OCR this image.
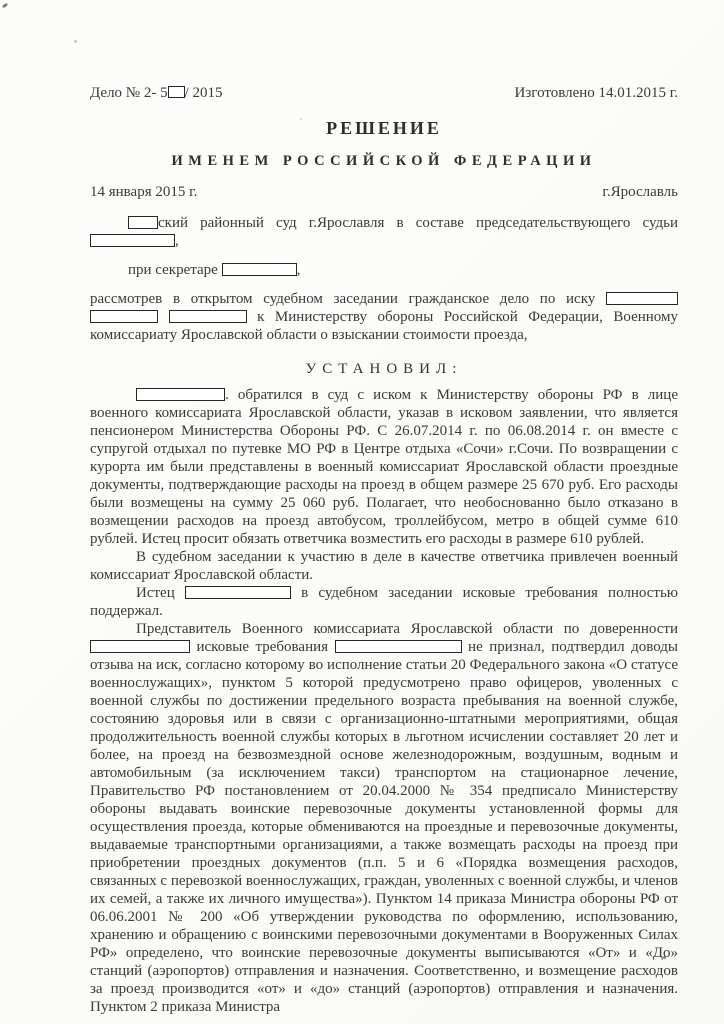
Дело № 2- 5 / 2015	Изготовлено 14.01.2015 г.
РЕШЕНИЕ
ИМЕНЕМ РОССИЙСКОЙ ФЕДЕРАЦИИ
14 января 2015 г.	г.Ярославль

ский районный суд г.Ярославля в составе председательствующего судьи ,

при секретаре	,

рассмотрев в открытом судебном заседании гражданское дело по иску    к Министерству обороны Российской Федерации, Военному комиссариату Ярославской области о взыскании стоимости проезда,

УСТАНОВИЛ:

. обратился в суд с иском к Министерству обороны РФ в лице военного комиссариата Ярославской области, указав в исковом заявлении, что является пенсионером Министерства Обороны РФ. С 26.07.2014 г. по 06.08.2014 г. он вместе с супругой отдыхал по путевке МО РФ в Центре отдыха «Сочи» г.Сочи. По возвращении с курорта им были представлены в военный комиссариат Ярославской области проездные документы, подтверждающие расходы на проезд в общем размере 25 670 руб. Его расходы были возмещены на сумму 25 060 руб. Полагает, что необоснованно было отказано в возмещении расходов на проезд автобусом, троллейбусом, метро в общей сумме 610 рублей. Истец просит обязать ответчика возместить его расходы в размере 610 рублей.

В судебном заседании к участию в деле в качестве ответчика привлечен военный комиссариат Ярославской области.

Истец	в судебном заседании исковые требования полностью поддержал.

Представитель Военного комиссариата Ярославской области по доверенности  исковые требования	не признал, подтвердил доводы отзыва на иск, согласно которому во исполнение статьи 20 Федерального закона «О статусе военнослужащих», пунктом 5 которой предусмотрено право офицеров, уволенных с военной службы по достижении предельного возраста пребывания на военной службе, состоянию здоровья или в связи с организационно-штатными мероприятиями, общая продолжительность военной службы которых в льготном исчислении составляет 20 лет и более, на проезд на безвозмездной основе железнодорожным, воздушным, водным и автомобильным (за исключением такси) транспортом на стационарное лечение, Правительство РФ постановлением от 20.04.2000 № 354 предписало Министерству обороны выдавать воинские перевозочные документы установленной формы для осуществления проезда, которые обмениваются на проездные и перевозочные документы, выдаваемые транспортными организациями, а также возмещать расходы на проезд при приобретении проездных документов (п.п. 5 и 6 «Порядка возмещения расходов, связанных с перевозкой военнослужащих, граждан, уволенных с военной службы, и членов их семей, а также их личного имущества»). Пунктом 14 приказа Министра обороны РФ от 06.06.2001 № 200 «Об утверждении руководства по оформлению, использованию, хранению и обращению с воинскими перевозочными документами в Вооруженных Силах РФ» определено, что воинские перевозочные документы выписываются «От» и «До» станций (аэропортов) отправления и назначения. Соответственно, и возмещение расходов за проезд производится «от» и «до» станций (аэропортов) отправления и назначения. Пунктом 2 приказа Министра
